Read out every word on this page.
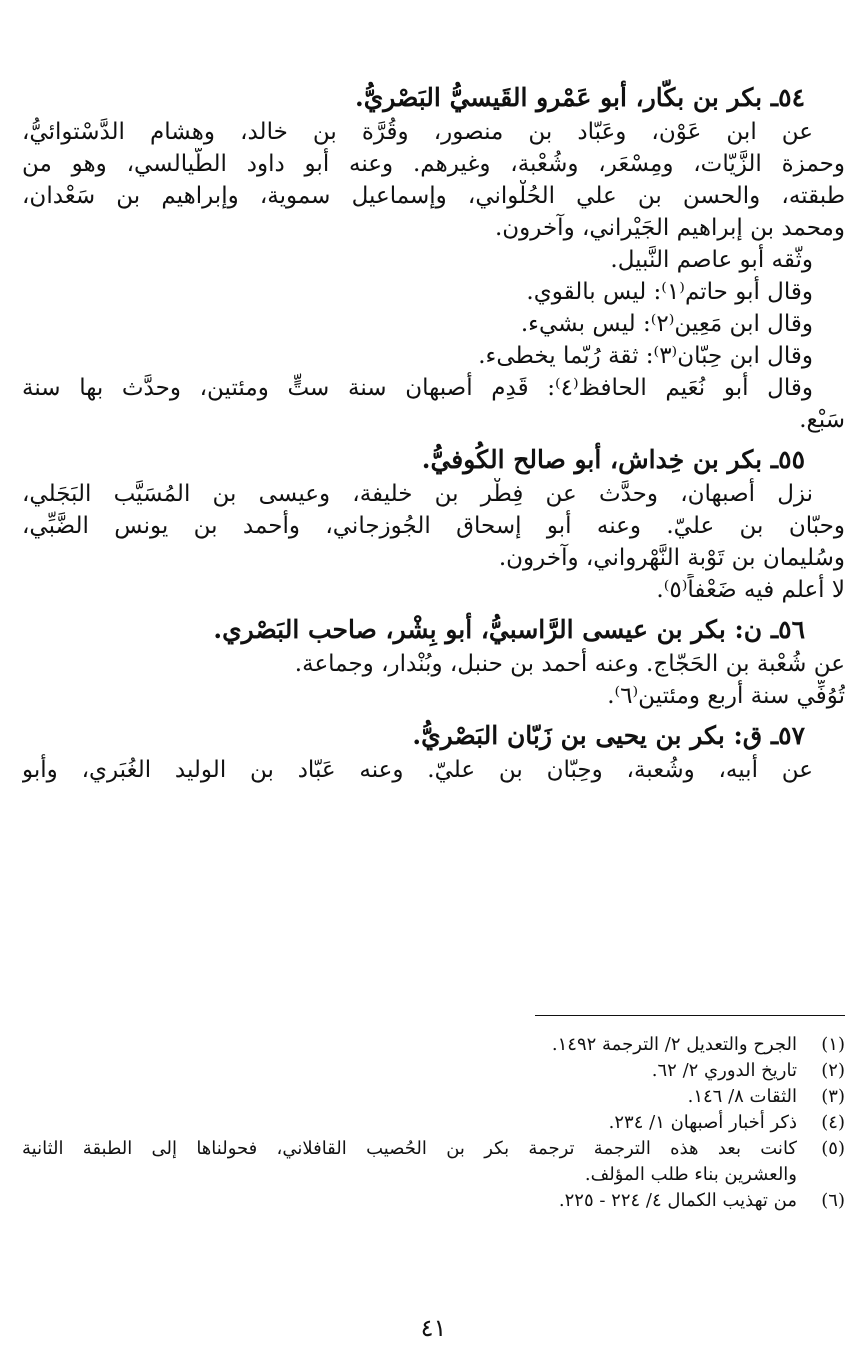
٥٤ـ بكر بن بكّار، أبو عَمْرو القَيسيُّ البَصْريُّ.
عن ابن عَوْن، وعَبّاد بن منصور، وقُرَّة بن خالد، وهشام الدَّسْتوائيُّ،
وحمزة الزَّيّات، ومِسْعَر، وشُعْبة، وغيرهم. وعنه أبو داود الطَّيالسي، وهو من
طبقته، والحسن بن علي الحُلْواني، وإسماعيل سموية، وإبراهيم بن سَعْدان،
ومحمد بن إبراهيم الجَيْراني، وآخرون.
وثّقه أبو عاصم النَّبيل.
وقال أبو حاتم⁽١⁾: ليس بالقوي.
وقال ابن مَعِين⁽٢⁾: ليس بشيء.
وقال ابن حِبّان⁽٣⁾: ثقة رُبّما يخطىء.
وقال أبو نُعَيم الحافظ⁽٤⁾: قَدِم أصبهان سنة ستٍّ ومئتين، وحدَّث بها سنة
سَبْع.
٥٥ـ بكر بن خِداش، أبو صالح الكُوفيُّ.
نزل أصبهان، وحدَّث عن فِطْر بن خليفة، وعيسى بن المُسَيَّب البَجَلي،
وحبّان بن عليّ. وعنه أبو إسحاق الجُوزجاني، وأحمد بن يونس الضَّبِّي،
وسُليمان بن تَوْبة النَّهْرواني، وآخرون.
لا أعلم فيه ضَعْفاً⁽٥⁾.
٥٦ـ ن: بكر بن عيسى الرَّاسبيُّ، أبو بِشْر، صاحب البَصْري.
عن شُعْبة بن الحَجّاج. وعنه أحمد بن حنبل، وبُنْدار، وجماعة.
تُوُفِّي سنة أربع ومئتين⁽٦⁾.
٥٧ـ ق: بكر بن يحيى بن زَبّان البَصْريُّ.
عن أبيه، وشُعبة، وحِبّان بن عليّ. وعنه عَبّاد بن الوليد الغُبَري، وأبو
(١)
الجرح والتعديل ٢/ الترجمة ١٤٩٢.
(٢)
تاريخ الدوري ٢/ ٦٢.
(٣)
الثقات ٨/ ١٤٦.
(٤)
ذكر أخبار أصبهان ١/ ٢٣٤.
(٥)
كانت بعد هذه الترجمة ترجمة بكر بن الحُصيب القافلاني، فحولناها إلى الطبقة الثانية
والعشرين بناء طلب المؤلف.
(٦)
من تهذيب الكمال ٤/ ٢٢٤ - ٢٢٥.
٤١
